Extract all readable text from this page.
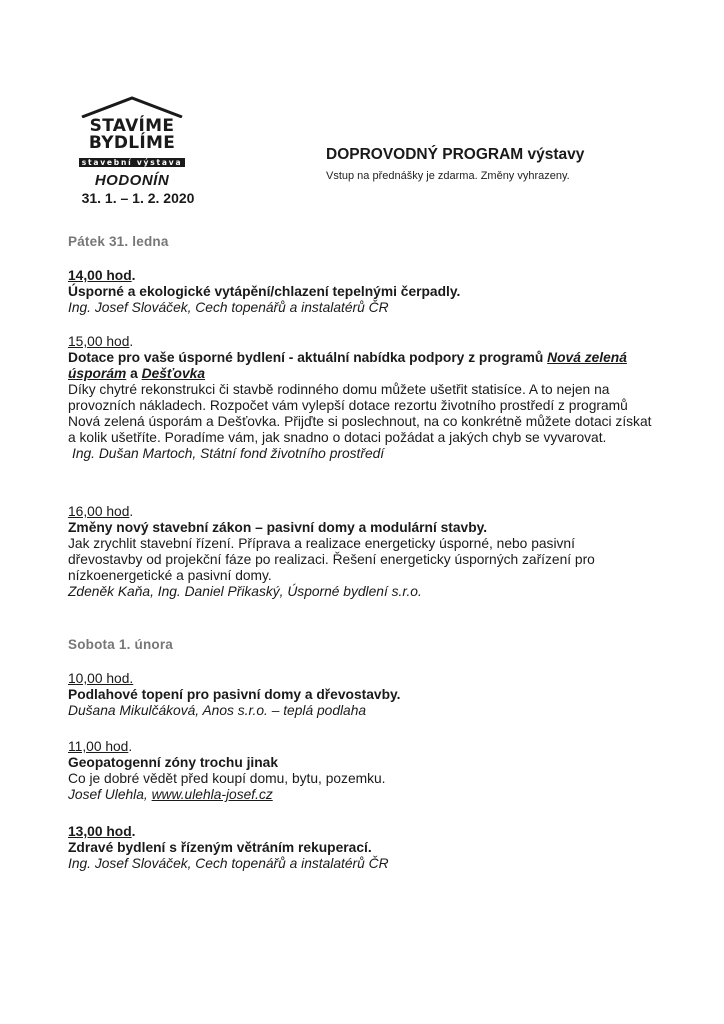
STAVÍME
BYDLÍME
stavební výstava
HODONÍN
31. 1. – 1. 2. 2020
DOPROVODNÝ PROGRAM výstavy
Vstup na přednášky je zdarma. Změny vyhrazeny.
Pátek 31. ledna
14,00 hod.
Úsporné a ekologické vytápění/chlazení tepelnými čerpadly.
Ing. Josef Slováček, Cech topenářů a instalatérů ČR
15,00 hod.
Dotace pro vaše úsporné bydlení - aktuální nabídka podpory z programů Nová zelená úsporám a Dešťovka
Díky chytré rekonstrukci či stavbě rodinného domu můžete ušetřit statisíce. A to nejen na provozních nákladech. Rozpočet vám vylepší dotace rezortu životního prostředí z programů Nová zelená úsporám a Dešťovka. Přijďte si poslechnout, na co konkrétně můžete dotaci získat a kolik ušetříte. Poradíme vám, jak snadno o dotaci požádat a jakých chyb se vyvarovat.
Ing. Dušan Martoch, Státní fond životního prostředí
16,00 hod.
Změny nový stavební zákon – pasivní domy a modulární stavby.
Jak zrychlit stavební řízení. Příprava a realizace energeticky úsporné, nebo pasivní dřevostavby od projekční fáze po realizaci. Řešení energeticky úsporných zařízení pro nízkoenergetické a pasivní domy.
Zdeněk Kaňa, Ing. Daniel Přikaský, Úsporné bydlení s.r.o.
Sobota 1. února
10,00 hod.
Podlahové topení pro pasivní domy a dřevostavby.
Dušana Mikulčáková, Anos s.r.o. – teplá podlaha
11,00 hod.
Geopatogenní zóny trochu jinak
Co je dobré vědět před koupí domu, bytu, pozemku.
Josef Ulehla, www.ulehla-josef.cz
13,00 hod.
Zdravé bydlení s řízeným větráním rekuperací.
Ing. Josef Slováček, Cech topenářů a instalatérů ČR
